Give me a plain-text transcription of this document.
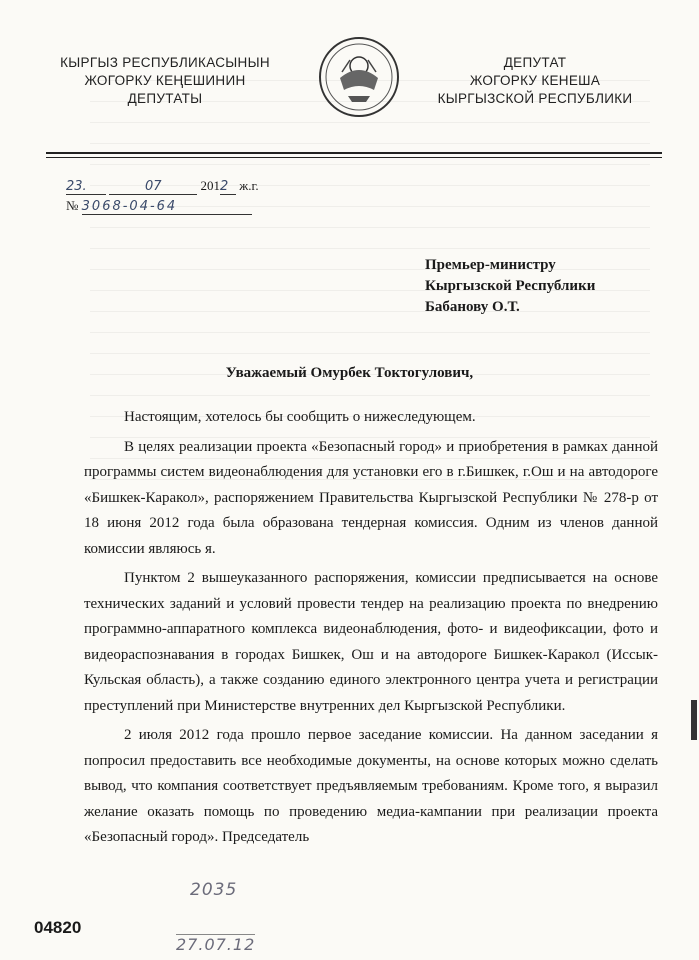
КЫРГЫЗ РЕСПУБЛИКАСЫНЫН
ЖОГОРКУ КЕҢЕШИНИН
ДЕПУТАТЫ
ДЕПУТАТ
ЖОГОРКУ КЕНЕША
КЫРГЫЗСКОЙ РЕСПУБЛИКИ
23.	07	2012 ж.г.
№ 3068-04-64
Премьер-министру
Кыргызской Республики
Бабанову О.Т.
Уважаемый Омурбек Токтогулович,

Настоящим, хотелось бы сообщить о нижеследующем.

В целях реализации проекта «Безопасный город» и приобретения в рамках данной программы систем видеонаблюдения для установки его в г.Бишкек, г.Ош и на автодороге «Бишкек-Каракол», распоряжением Правительства Кыргызской Республики № 278-р от 18 июня 2012 года была образована тендерная комиссия. Одним из членов данной комиссии являюсь я.

Пунктом 2 вышеуказанного распоряжения, комиссии предписывается на основе технических заданий и условий провести тендер на реализацию проекта по внедрению программно-аппаратного комплекса видеонаблюдения, фото- и видеофиксации, фото и видеораспознавания в городах Бишкек, Ош и на автодороге Бишкек-Каракол (Иссык-Кульская область), а также созданию единого электронного центра учета и регистрации преступлений при Министерстве внутренних дел Кыргызской Республики.

2 июля 2012 года прошло первое заседание комиссии. На данном заседании я попросил предоставить все необходимые документы, на основе которых можно сделать вывод, что компания соответствует предъявляемым требованиям. Кроме того, я выразил желание оказать помощь по проведению медиа-кампании при реализации проекта «Безопасный город». Председатель

04820
2035
27.07.12
